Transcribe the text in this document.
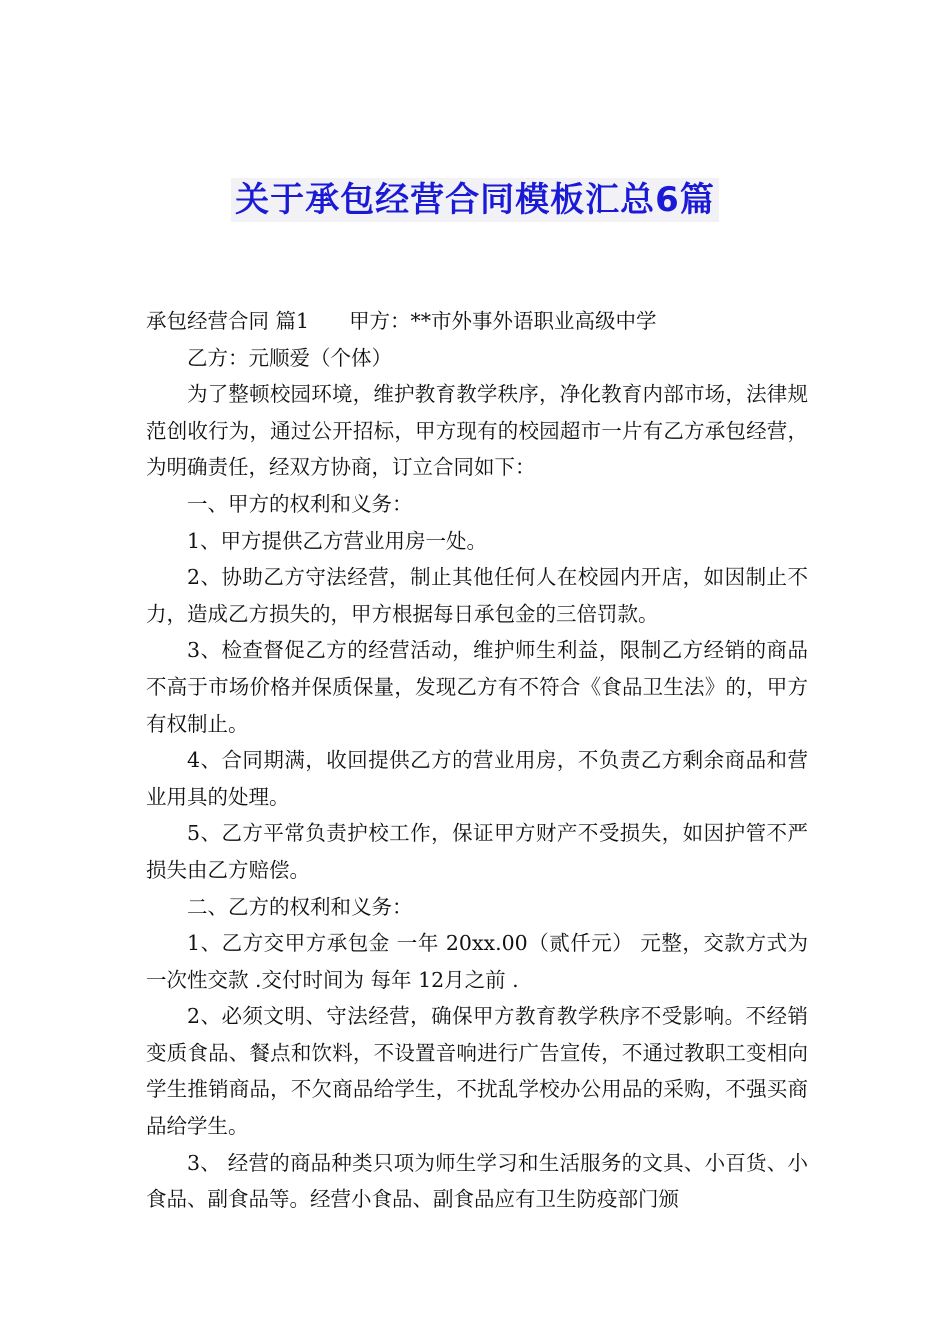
关于承包经营合同模板汇总6篇

承包经营合同 篇1 甲方：**市外事外语职业高级中学

乙方：元顺爱（个体）

为了整顿校园环境，维护教育教学秩序，净化教育内部市场，法律规范创收行为，通过公开招标，甲方现有的校园超市一片有乙方承包经营，为明确责任，经双方协商，订立合同如下：

一、甲方的权利和义务：

1、甲方提供乙方营业用房一处。

2、协助乙方守法经营，制止其他任何人在校园内开店，如因制止不力，造成乙方损失的，甲方根据每日承包金的三倍罚款。

3、检查督促乙方的经营活动，维护师生利益，限制乙方经销的商品不高于市场价格并保质保量，发现乙方有不符合《食品卫生法》的，甲方有权制止。

4、合同期满，收回提供乙方的营业用房，不负责乙方剩余商品和营业用具的处理。

5、乙方平常负责护校工作，保证甲方财产不受损失，如因护管不严损失由乙方赔偿。

二、乙方的权利和义务：

1、乙方交甲方承包金 一年 20xx.00（贰仟元） 元整，交款方式为 一次性交款 .交付时间为 每年 12月之前 .

2、必须文明、守法经营，确保甲方教育教学秩序不受影响。不经销变质食品、餐点和饮料，不设置音响进行广告宣传，不通过教职工变相向学生推销商品，不欠商品给学生，不扰乱学校办公用品的采购，不强买商品给学生。

3、 经营的商品种类只项为师生学习和生活服务的文具、小百货、小食品、副食品等。经营小食品、副食品应有卫生防疫部门颁
